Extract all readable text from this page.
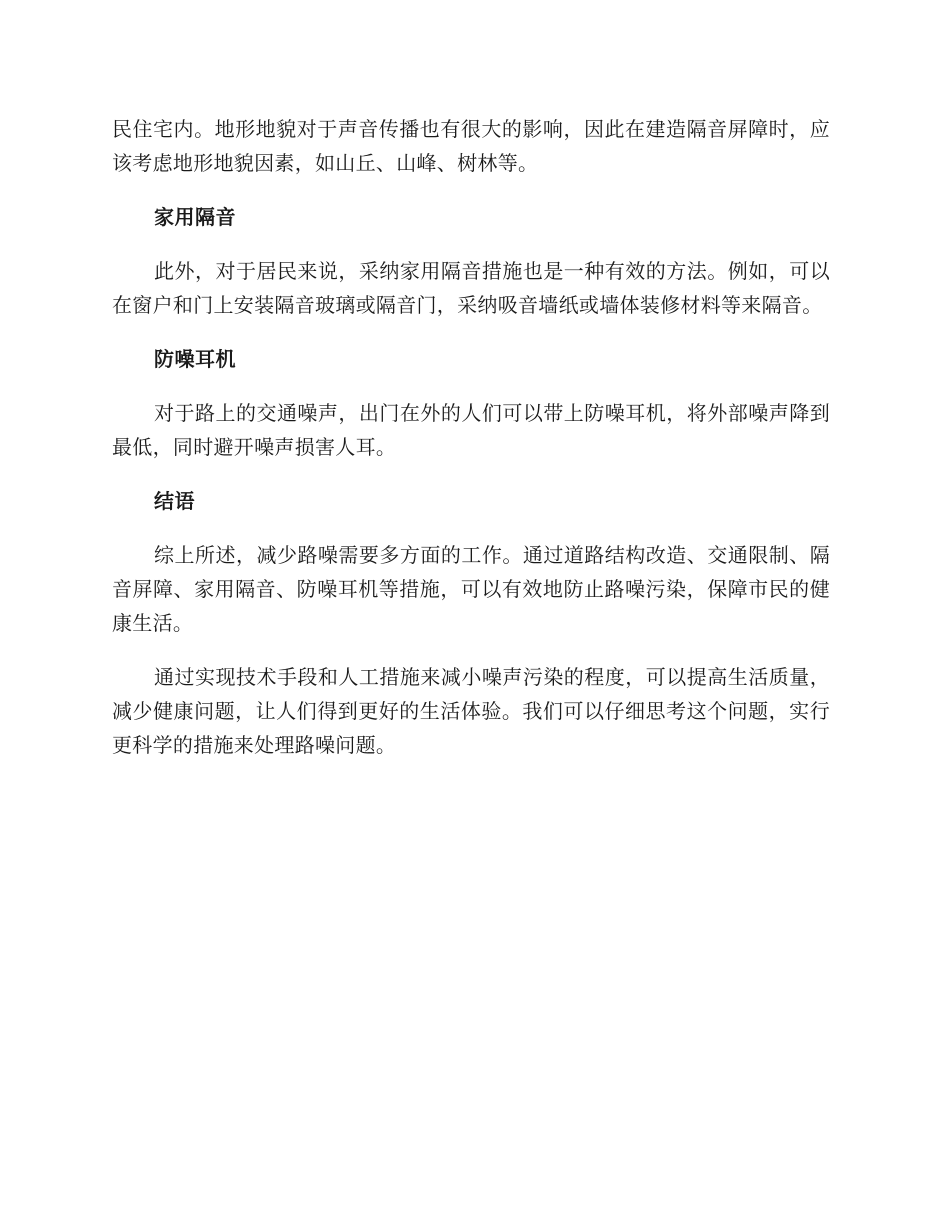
民住宅内。地形地貌对于声音传播也有很大的影响，因此在建造隔音屏障时，应该考虑地形地貌因素，如山丘、山峰、树林等。

家用隔音

此外，对于居民来说，采纳家用隔音措施也是一种有效的方法。例如，可以在窗户和门上安装隔音玻璃或隔音门，采纳吸音墙纸或墙体装修材料等来隔音。

防噪耳机

对于路上的交通噪声，出门在外的人们可以带上防噪耳机，将外部噪声降到最低，同时避开噪声损害人耳。

结语

综上所述，减少路噪需要多方面的工作。通过道路结构改造、交通限制、隔音屏障、家用隔音、防噪耳机等措施，可以有效地防止路噪污染，保障市民的健康生活。

通过实现技术手段和人工措施来减小噪声污染的程度，可以提高生活质量，减少健康问题，让人们得到更好的生活体验。我们可以仔细思考这个问题，实行更科学的措施来处理路噪问题。
